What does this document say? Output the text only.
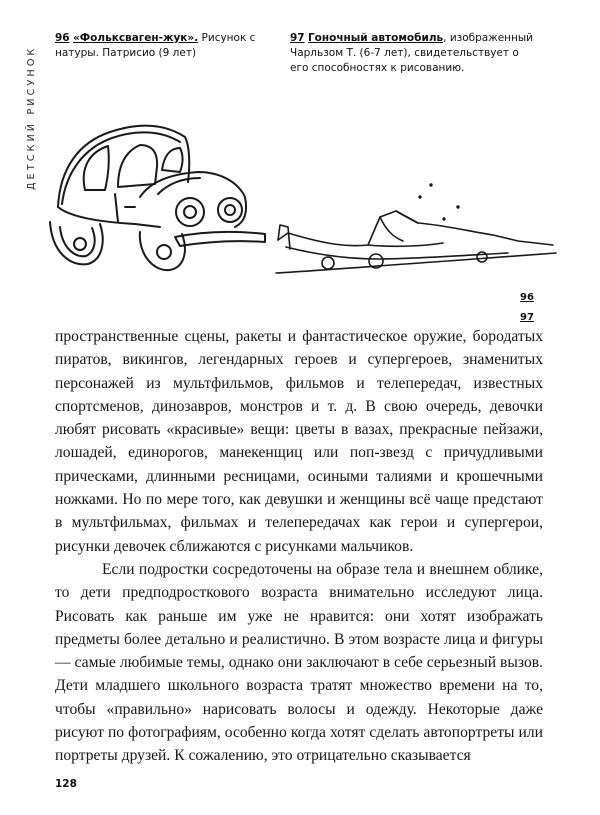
ДЕТСКИЙ РИСУНОК
96 «Фольксваген-жук». Рисунок с натуры. Патрисио (9 лет)
97 Гоночный автомобиль, изображенный Чарльзом Т. (6-7 лет), свидетельствует о его способностях к рисованию.
96
97

пространственные сцены, ракеты и фантастическое оружие, бородатых пиратов, викингов, легендарных героев и супергероев, знаменитых персонажей из мультфильмов, фильмов и телепередач, известных спортсменов, динозавров, монстров и т. д. В свою очередь, девочки любят рисовать «красивые» вещи: цветы в вазах, прекрасные пейзажи, лошадей, единорогов, манекенщиц или поп-звезд с причудливыми прическами, длинными ресницами, осиными талиями и крошечными ножками. Но по мере того, как девушки и женщины всё чаще предстают в мультфильмах, фильмах и телепередачах как герои и супергерои, рисунки девочек сближаются с рисунками мальчиков.

Если подростки сосредоточены на образе тела и внешнем облике, то дети предподросткового возраста внимательно исследуют лица. Рисовать как раньше им уже не нравится: они хотят изображать предметы более детально и реалистично. В этом возрасте лица и фигуры — самые любимые темы, однако они заключают в себе серьезный вызов. Дети младшего школьного возраста тратят множество времени на то, чтобы «правильно» нарисовать волосы и одежду. Некоторые даже рисуют по фотографиям, особенно когда хотят сделать автопортреты или портреты друзей. К сожалению, это отрицательно сказывается

128
